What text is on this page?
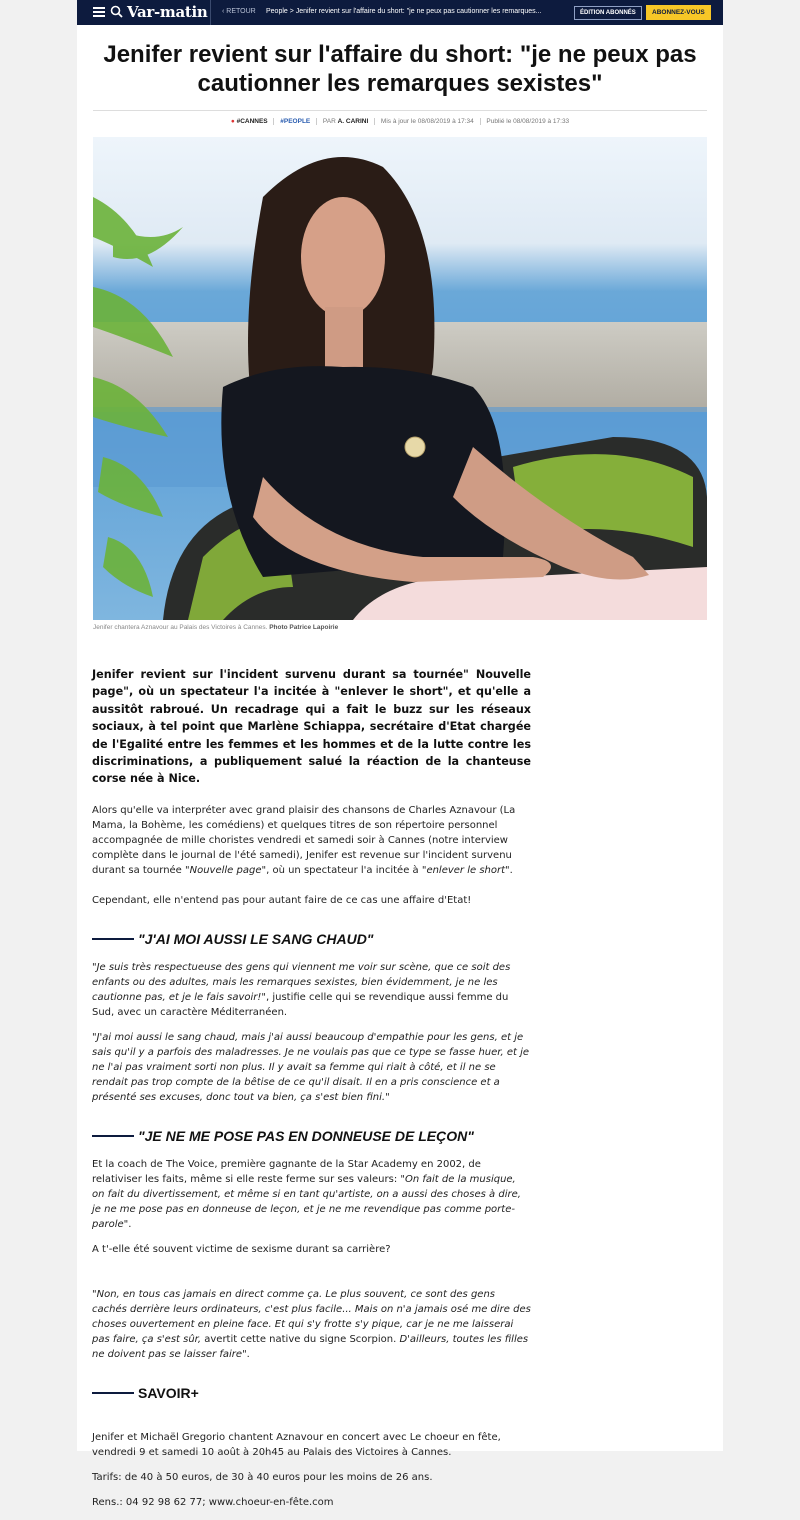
Var-matin ‹ RETOUR People > Jenifer revient sur l'affaire du short: "je ne peux pas cautionner les remarques...	ÉDITION ABONNÉS	ABONNEZ-VOUS
Jenifer revient sur l'affaire du short: "je ne peux pas cautionner les remarques sexistes"
● #CANNES #PEOPLE PAR A. CARINI Mis à jour le 08/08/2019 à 17:34 Publié le 08/08/2019 à 17:33
Jenifer chantera Aznavour au Palais des Victoires à Cannes. Photo Patrice Lapoirie

Jenifer revient sur l'incident survenu durant sa tournée" Nouvelle page", où un spectateur l'a incitée à "enlever le short", et qu'elle a aussitôt rabroué. Un recadrage qui a fait le buzz sur les réseaux sociaux, à tel point que Marlène Schiappa, secrétaire d'Etat chargée de l'Egalité entre les femmes et les hommes et de la lutte contre les discriminations, a publiquement salué la réaction de la chanteuse corse née à Nice.

Alors qu'elle va interpréter avec grand plaisir des chansons de Charles Aznavour (La Mama, la Bohème, les comédiens) et quelques titres de son répertoire personnel accompagnée de mille choristes vendredi et samedi soir à Cannes (notre interview complète dans le journal de l'été samedi), Jenifer est revenue sur l'incident survenu durant sa tournée "Nouvelle page", où un spectateur l'a incitée à "enlever le short".

Cependant, elle n'entend pas pour autant faire de ce cas une affaire d'Etat!

"J'AI MOI AUSSI LE SANG CHAUD"

"Je suis très respectueuse des gens qui viennent me voir sur scène, que ce soit des enfants ou des adultes, mais les remarques sexistes, bien évidemment, je ne les cautionne pas, et je le fais savoir!", justifie celle qui se revendique aussi femme du Sud, avec un caractère Méditerranéen.

"J'ai moi aussi le sang chaud, mais j'ai aussi beaucoup d'empathie pour les gens, et je sais qu'il y a parfois des maladresses. Je ne voulais pas que ce type se fasse huer, et je ne l'ai pas vraiment sorti non plus. Il y avait sa femme qui riait à côté, et il ne se rendait pas trop compte de la bêtise de ce qu'il disait. Il en a pris conscience et a présenté ses excuses, donc tout va bien, ça s'est bien fini."

"JE NE ME POSE PAS EN DONNEUSE DE LEÇON"

Et la coach de The Voice, première gagnante de la Star Academy en 2002, de relativiser les faits, même si elle reste ferme sur ses valeurs: "On fait de la musique, on fait du divertissement, et même si en tant qu'artiste, on a aussi des choses à dire, je ne me pose pas en donneuse de leçon, et je ne me revendique pas comme porte-parole".

A t'-elle été souvent victime de sexisme durant sa carrière?

"Non, en tous cas jamais en direct comme ça. Le plus souvent, ce sont des gens cachés derrière leurs ordinateurs, c'est plus facile... Mais on n'a jamais osé me dire des choses ouvertement en pleine face. Et qui s'y frotte s'y pique, car je ne me laisserai pas faire, ça s'est sûr, avertit cette native du signe Scorpion. D'ailleurs, toutes les filles ne doivent pas se laisser faire".

SAVOIR+

Jenifer et Michaël Gregorio chantent Aznavour en concert avec Le choeur en fête, vendredi 9 et samedi 10 août à 20h45 au Palais des Victoires à Cannes.

Tarifs: de 40 à 50 euros, de 30 à 40 euros pour les moins de 26 ans.

Rens.: 04 92 98 62 77; www.choeur-en-fête.com
